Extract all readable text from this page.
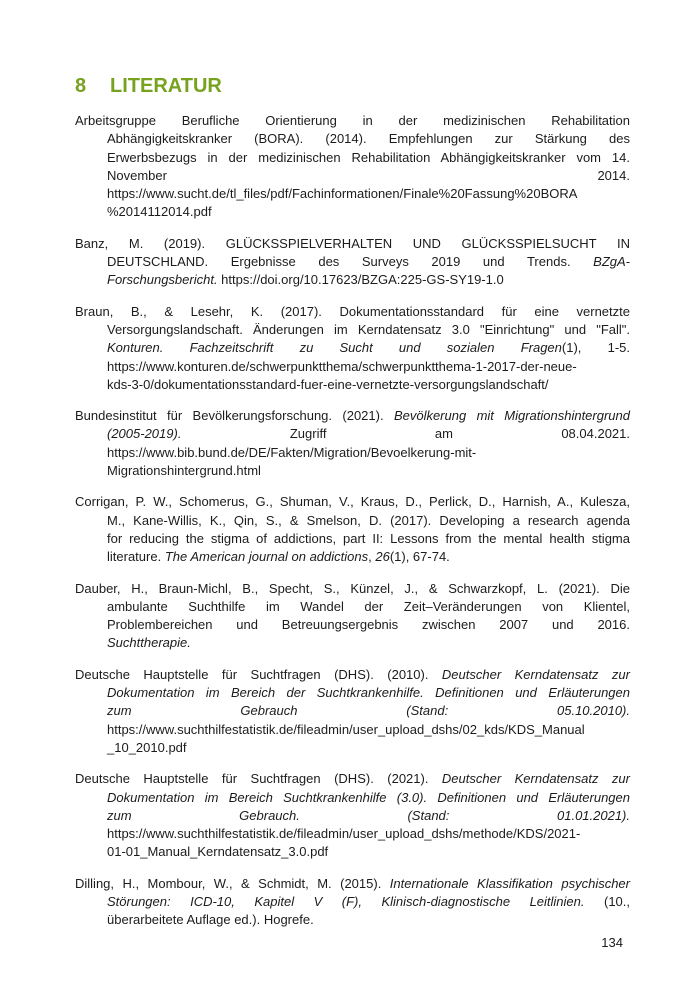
8 LITERATUR
Arbeitsgruppe Berufliche Orientierung in der medizinischen Rehabilitation
Abhängigkeitskranker (BORA). (2014). Empfehlungen zur Stärkung des
Erwerbsbezugs in der medizinischen Rehabilitation Abhängigkeitskranker vom 14.
November 2014.
https://www.sucht.de/tl_files/pdf/Fachinformationen/Finale%20Fassung%20BORA
%2014112014.pdf
Banz, M. (2019). GLÜCKSSPIELVERHALTEN UND GLÜCKSSPIELSUCHT IN
DEUTSCHLAND. Ergebnisse des Surveys 2019 und Trends. BZgA-
Forschungsbericht. https://doi.org/10.17623/BZGA:225-GS-SY19-1.0
Braun, B., & Lesehr, K. (2017). Dokumentationsstandard für eine vernetzte
Versorgungslandschaft. Änderungen im Kerndatensatz 3.0 "Einrichtung" und "Fall".
Konturen. Fachzeitschrift zu Sucht und sozialen Fragen(1), 1-5.
https://www.konturen.de/schwerpunktthema/schwerpunktthema-1-2017-der-neue-
kds-3-0/dokumentationsstandard-fuer-eine-vernetzte-versorgungslandschaft/
Bundesinstitut für Bevölkerungsforschung. (2021). Bevölkerung mit Migrationshintergrund
(2005-2019). Zugriff am 08.04.2021.
https://www.bib.bund.de/DE/Fakten/Migration/Bevoelkerung-mit-
Migrationshintergrund.html
Corrigan, P. W., Schomerus, G., Shuman, V., Kraus, D., Perlick, D., Harnish, A., Kulesza,
M., Kane-Willis, K., Qin, S., & Smelson, D. (2017). Developing a research agenda
for reducing the stigma of addictions, part II: Lessons from the mental health stigma
literature. The American journal on addictions, 26(1), 67-74.
Dauber, H., Braun-Michl, B., Specht, S., Künzel, J., & Schwarzkopf, L. (2021). Die
ambulante Suchthilfe im Wandel der Zeit–Veränderungen von Klientel,
Problembereichen und Betreuungsergebnis zwischen 2007 und 2016.
Suchttherapie.
Deutsche Hauptstelle für Suchtfragen (DHS). (2010). Deutscher Kerndatensatz zur
Dokumentation im Bereich der Suchtkrankenhilfe. Definitionen und Erläuterungen
zum Gebrauch (Stand: 05.10.2010).
https://www.suchthilfestatistik.de/fileadmin/user_upload_dshs/02_kds/KDS_Manual
_10_2010.pdf
Deutsche Hauptstelle für Suchtfragen (DHS). (2021). Deutscher Kerndatensatz zur
Dokumentation im Bereich Suchtkrankenhilfe (3.0). Definitionen und Erläuterungen
zum Gebrauch. (Stand: 01.01.2021).
https://www.suchthilfestatistik.de/fileadmin/user_upload_dshs/methode/KDS/2021-
01-01_Manual_Kerndatensatz_3.0.pdf
Dilling, H., Mombour, W., & Schmidt, M. (2015). Internationale Klassifikation psychischer
Störungen: ICD-10, Kapitel V (F), Klinisch-diagnostische Leitlinien. (10.,
überarbeitete Auflage ed.). Hogrefe.
134
